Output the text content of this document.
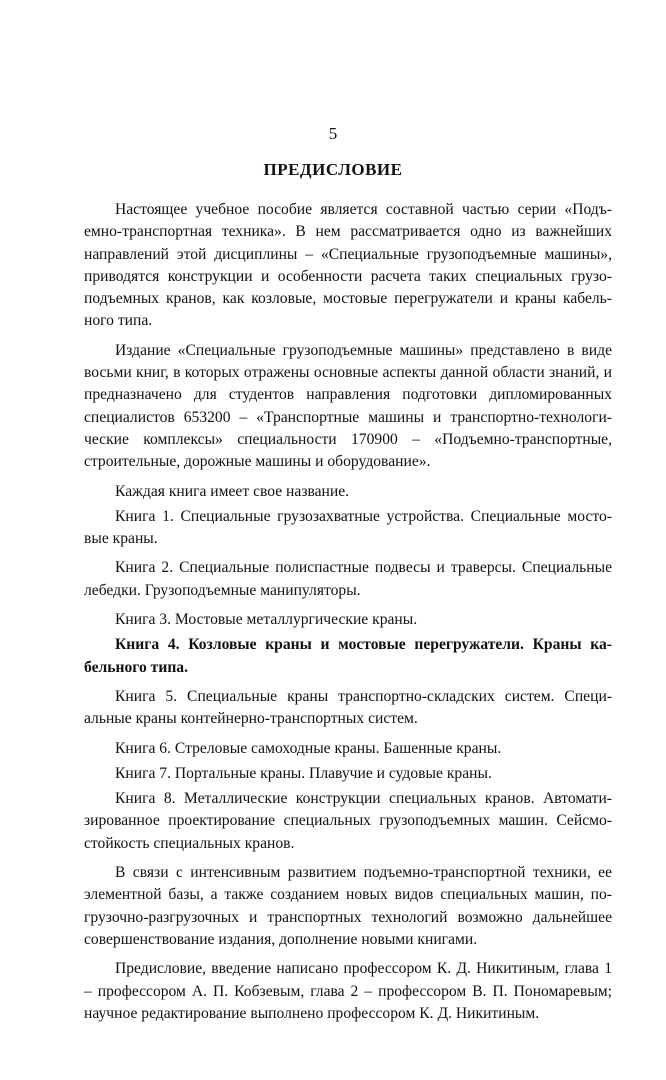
5
ПРЕДИСЛОВИЕ

Настоящее учебное пособие является составной частью серии «Подъемно-транспортная техника». В нем рассматривается одно из важнейших направлений этой дисциплины – «Специальные грузоподъемные машины», приводятся конструкции и особенности расчета таких специальных грузоподъемных кранов, как козловые, мостовые перегружатели и краны кабельного типа.

Издание «Специальные грузоподъемные машины» представлено в виде восьми книг, в которых отражены основные аспекты данной области знаний, и предназначено для студентов направления подготовки дипломированных специалистов 653200 – «Транспортные машины и транспортно-технологические комплексы» специальности 170900 – «Подъемно-транспортные, строительные, дорожные машины и оборудование».

Каждая книга имеет свое название.

Книга 1. Специальные грузозахватные устройства. Специальные мостовые краны.

Книга 2. Специальные полиспастные подвесы и траверсы. Специальные лебедки. Грузоподъемные манипуляторы.

Книга 3. Мостовые металлургические краны.

Книга 4. Козловые краны и мостовые перегружатели. Краны кабельного типа.

Книга 5. Специальные краны транспортно-складских систем. Специальные краны контейнерно-транспортных систем.

Книга 6. Стреловые самоходные краны. Башенные краны.

Книга 7. Портальные краны. Плавучие и судовые краны.

Книга 8. Металлические конструкции специальных кранов. Автоматизированное проектирование специальных грузоподъемных машин. Сейсмостойкость специальных кранов.

В связи с интенсивным развитием подъемно-транспортной техники, ее элементной базы, а также созданием новых видов специальных машин, погрузочно-разгрузочных и транспортных технологий возможно дальнейшее совершенствование издания, дополнение новыми книгами.

Предисловие, введение написано профессором К. Д. Никитиным, глава 1 – профессором А. П. Кобзевым, глава 2 – профессором В. П. Пономаревым; научное редактирование выполнено профессором К. Д. Никитиным.
